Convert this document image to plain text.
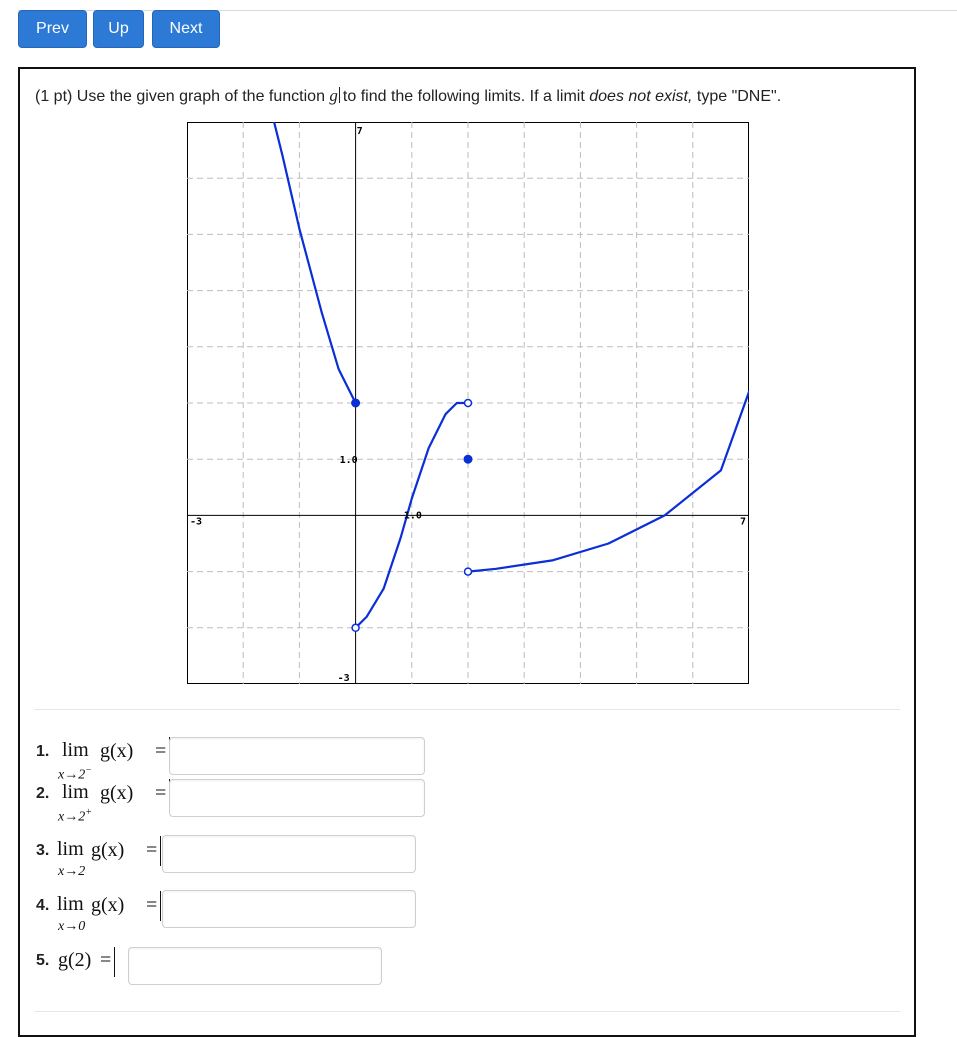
Prev	Up	Next
(1 pt) Use the given graph of the function g to find the following limits. If a limit does not exist, type "DNE".
7
-3
-3	7
1.0
1.0
1. lim
x→2−
g(x) =
2. lim
x→2+
g(x) =
3. lim
x→2
g(x) =
4. lim
x→0
g(x) =
5. g(2) =
